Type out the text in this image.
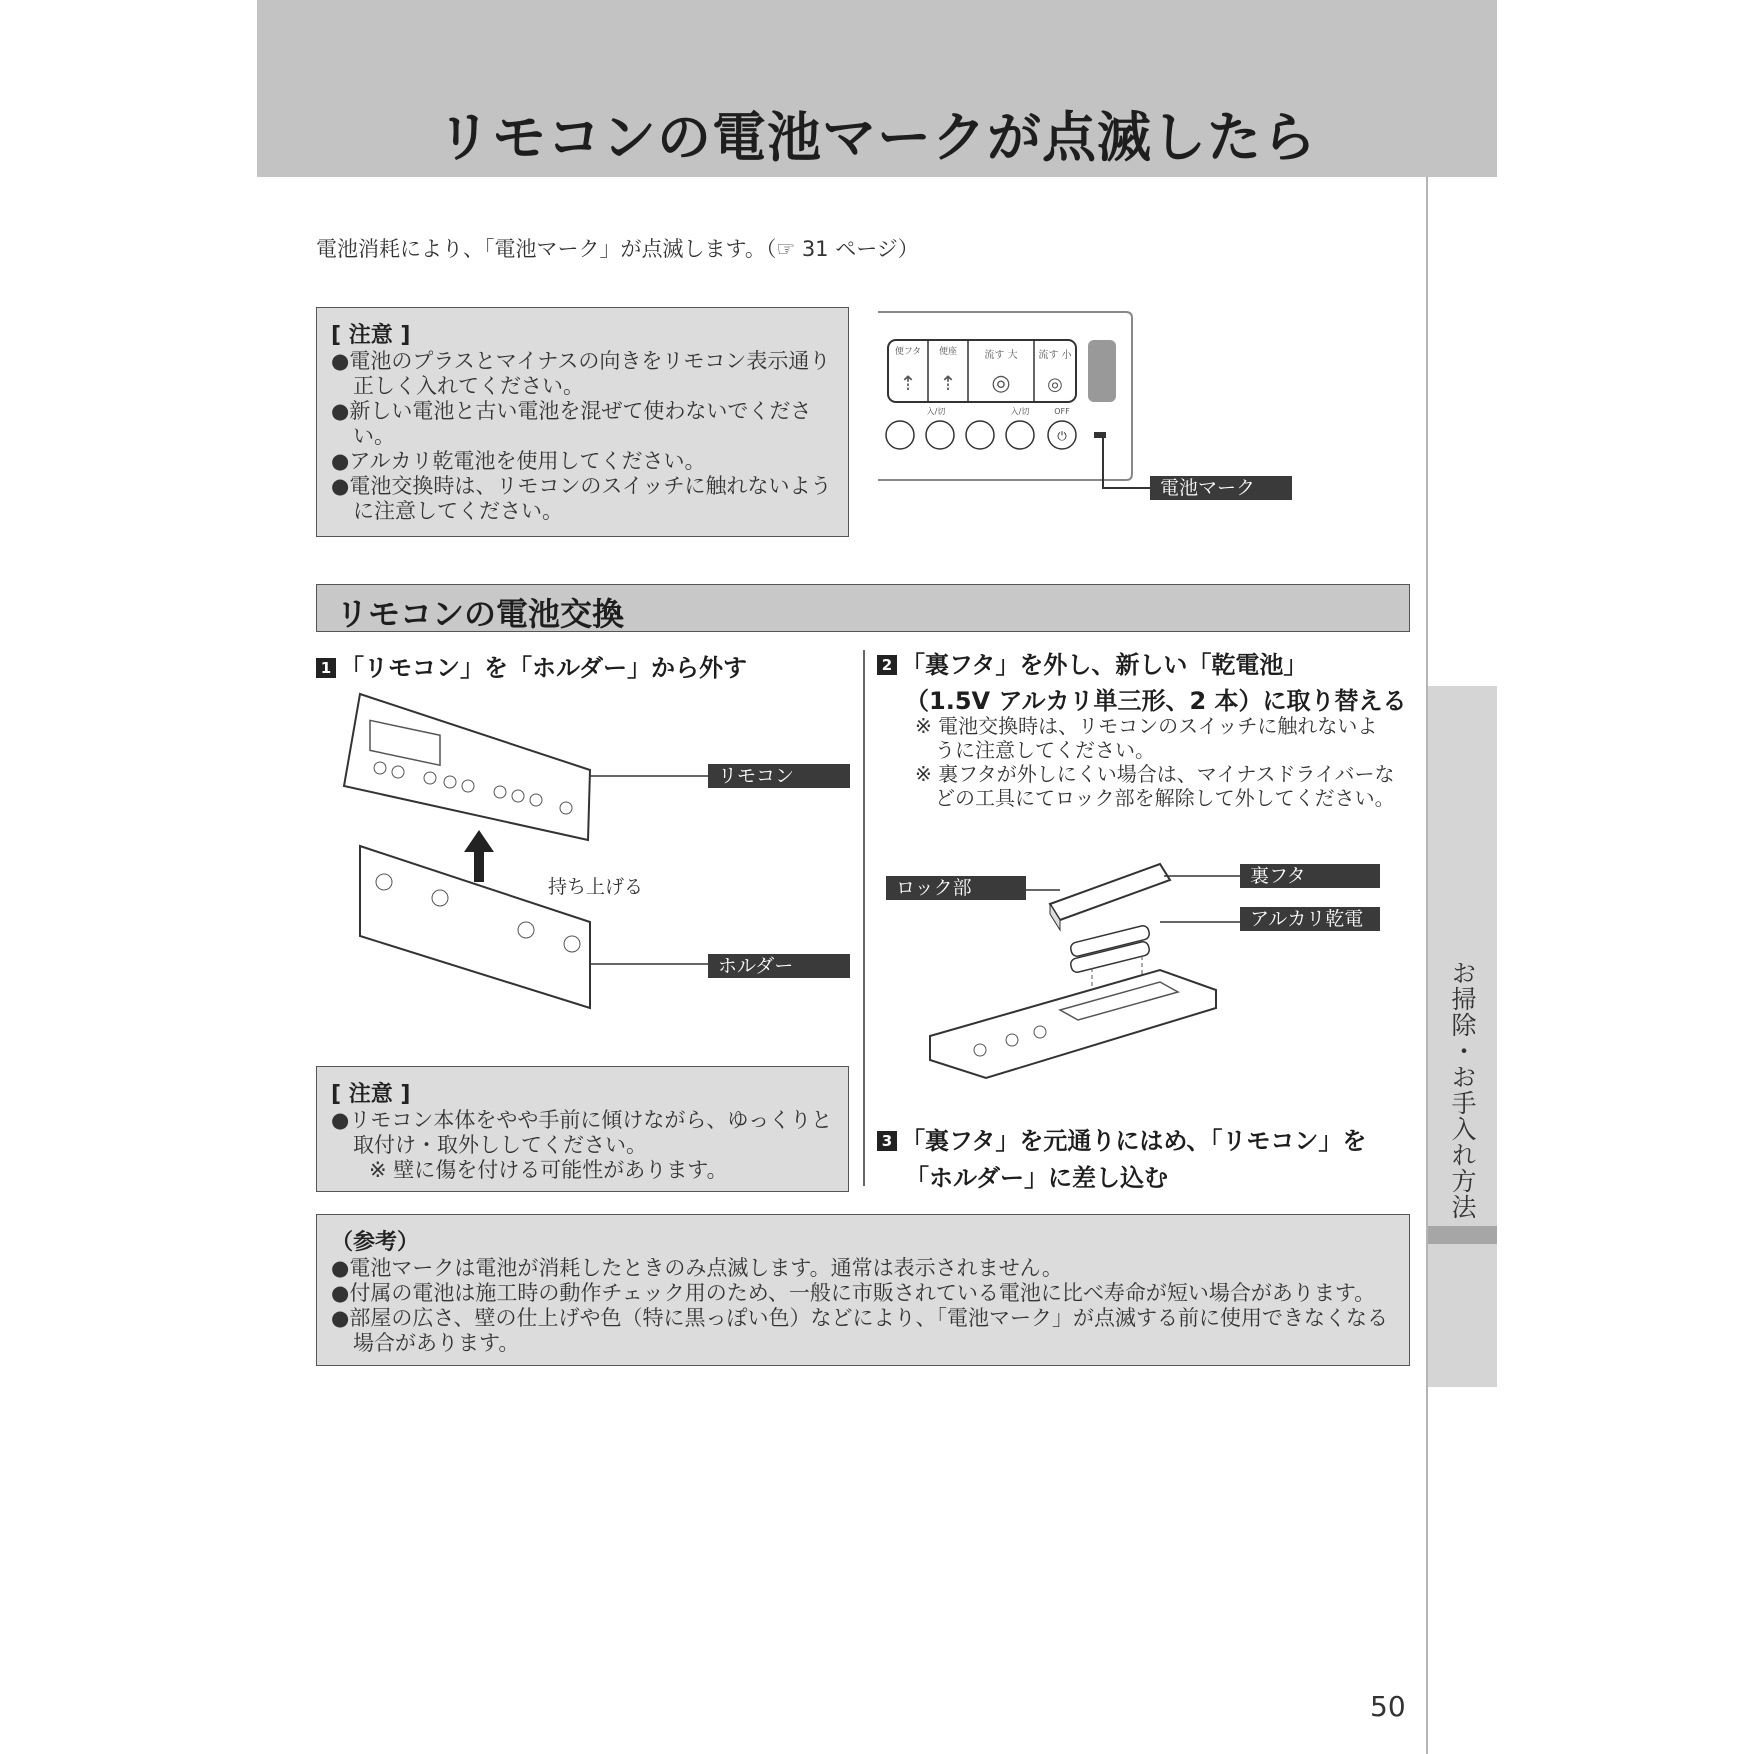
リモコンの電池マークが点滅したら
お掃除・お手入れ方法
電池消耗により、「電池マーク」が点滅します。（☞ 31 ページ）
[ 注意 ]
● 電池のプラスとマイナスの向きをリモコン表示通り正しく入れてください。
● 新しい電池と古い電池を混ぜて使わないでください。
● アルカリ乾電池を使用してください。
● 電池交換時は、リモコンのスイッチに触れないように注意してください。
便フタ 便座	流す 大 流す 小
⇡ ⇡ ◎ ◎
入/切	入/切	OFF
⏻
電池マーク
リモコンの電池交換
1 「リモコン」を「ホルダー」から外す
持ち上げる
リモコン
ホルダー
2 「裏フタ」を外し、新しい「乾電池」
（1.5V アルカリ単三形、2 本）に取り替える
※ 電池交換時は、リモコンのスイッチに触れないように注意してください。
※ 裏フタが外しにくい場合は、マイナスドライバーなどの工具にてロック部を解除して外してください。
ロック部
裏フタ
アルカリ乾電池
3 「裏フタ」を元通りにはめ、「リモコン」を
「ホルダー」に差し込む
[ 注意 ]
● リモコン本体をやや手前に傾けながら、ゆっくりと取付け・取外ししてください。
※ 壁に傷を付ける可能性があります。
（参考）
● 電池マークは電池が消耗したときのみ点滅します。通常は表示されません。
● 付属の電池は施工時の動作チェック用のため、一般に市販されている電池に比べ寿命が短い場合があります。
● 部屋の広さ、壁の仕上げや色（特に黒っぽい色）などにより、「電池マーク」が点滅する前に使用できなくなる場合があります。
50
